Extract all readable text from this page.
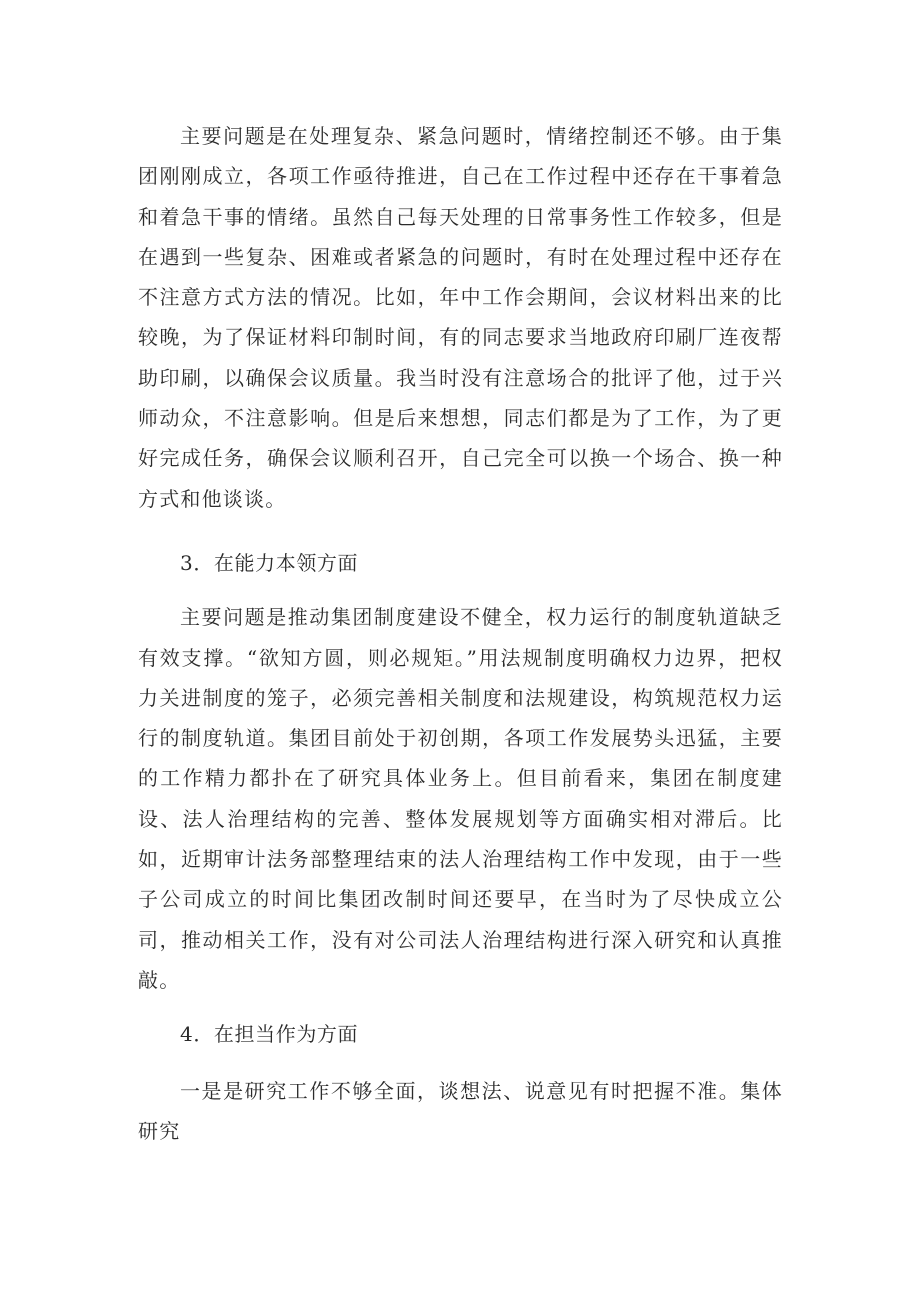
主要问题是在处理复杂、紧急问题时，情绪控制还不够。由于集团刚刚成立，各项工作亟待推进，自己在工作过程中还存在干事着急和着急干事的情绪。虽然自己每天处理的日常事务性工作较多，但是在遇到一些复杂、困难或者紧急的问题时，有时在处理过程中还存在不注意方式方法的情况。比如，年中工作会期间，会议材料出来的比较晚，为了保证材料印制时间，有的同志要求当地政府印刷厂连夜帮助印刷，以确保会议质量。我当时没有注意场合的批评了他，过于兴师动众，不注意影响。但是后来想想，同志们都是为了工作，为了更好完成任务，确保会议顺利召开，自己完全可以换一个场合、换一种方式和他谈谈。

3．在能力本领方面

主要问题是推动集团制度建设不健全，权力运行的制度轨道缺乏有效支撑。“欲知方圆，则必规矩。”用法规制度明确权力边界，把权力关进制度的笼子，必须完善相关制度和法规建设，构筑规范权力运行的制度轨道。集团目前处于初创期，各项工作发展势头迅猛，主要的工作精力都扑在了研究具体业务上。但目前看来，集团在制度建设、法人治理结构的完善、整体发展规划等方面确实相对滞后。比如，近期审计法务部整理结束的法人治理结构工作中发现，由于一些子公司成立的时间比集团改制时间还要早，在当时为了尽快成立公司，推动相关工作，没有对公司法人治理结构进行深入研究和认真推敲。

4．在担当作为方面

一是是研究工作不够全面，谈想法、说意见有时把握不准。集体研究
